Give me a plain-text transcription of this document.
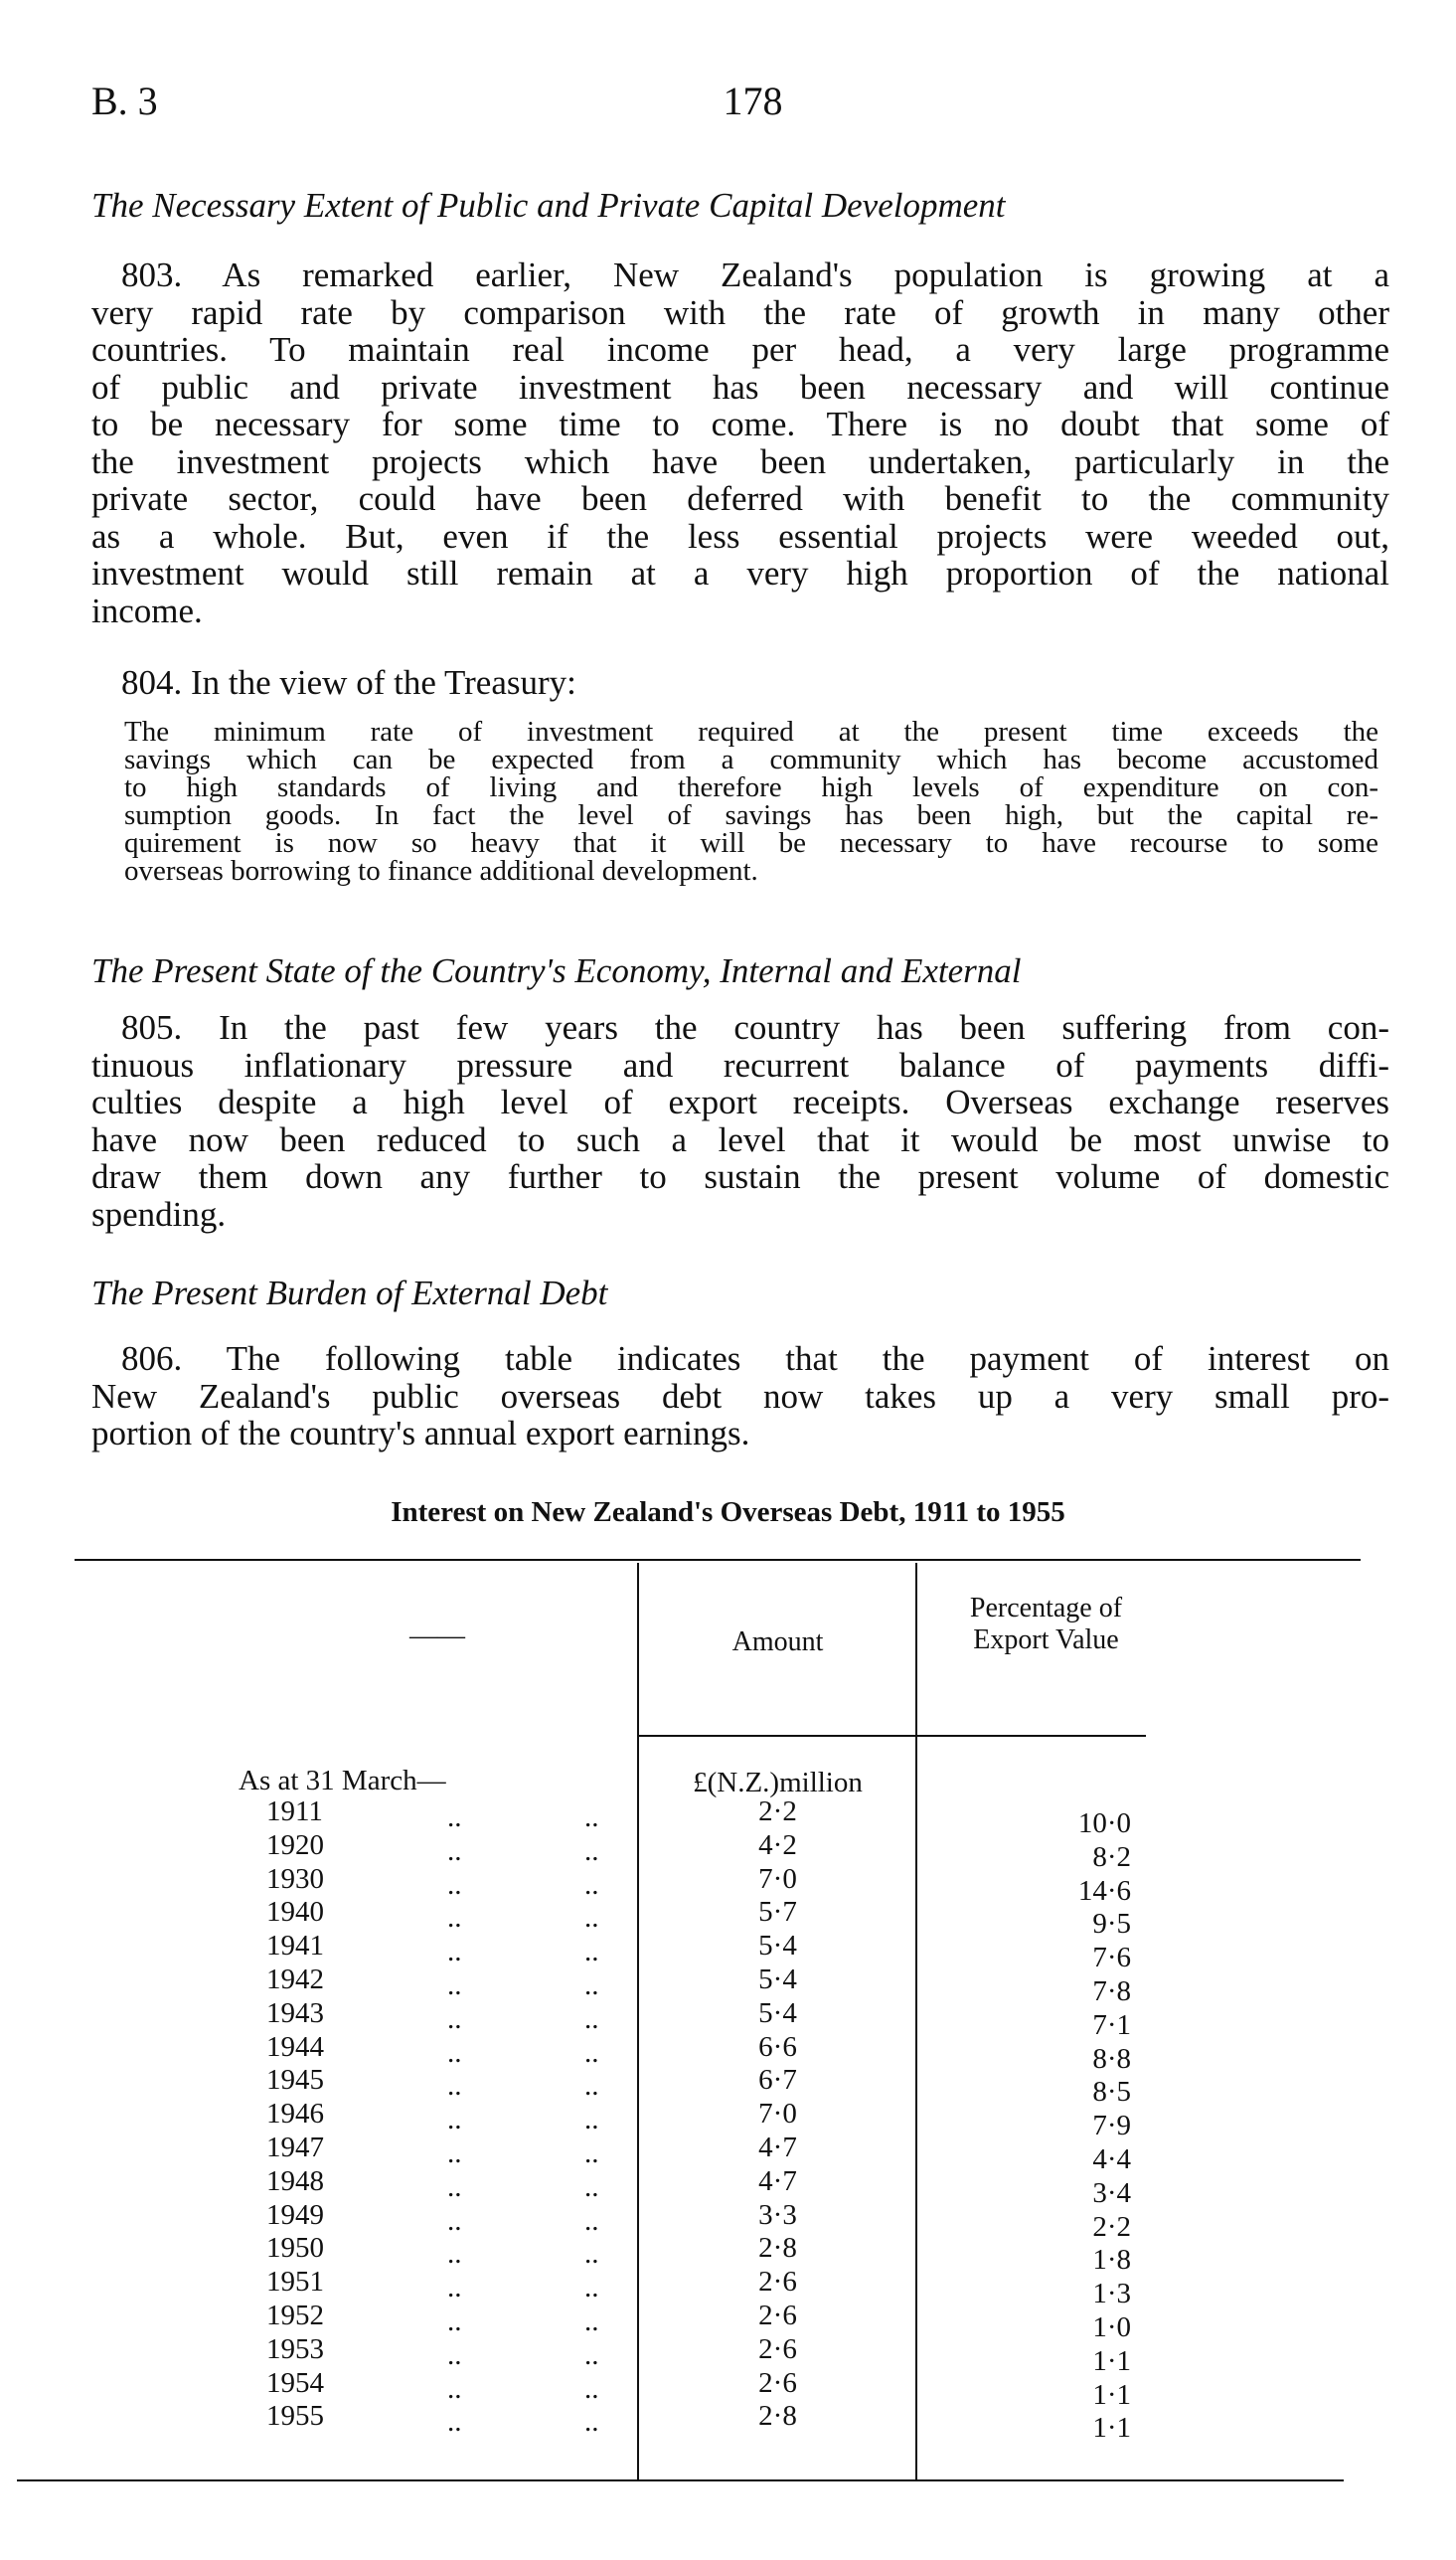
B. 3	178
The Necessary Extent of Public and Private Capital Development
803. As remarked earlier, New Zealand's population is growing at a
very rapid rate by comparison with the rate of growth in many other
countries. To maintain real income per head, a very large programme
of public and private investment has been necessary and will continue
to be necessary for some time to come. There is no doubt that some of
the investment projects which have been undertaken, particularly in the
private sector, could have been deferred with benefit to the community
as a whole. But, even if the less essential projects were weeded out,
investment would still remain at a very high proportion of the national
income.
804. In the view of the Treasury:
The minimum rate of investment required at the present time exceeds the
savings which can be expected from a community which has become accustomed
to high standards of living and therefore high levels of expenditure on con-
sumption goods. In fact the level of savings has been high, but the capital re-
quirement is now so heavy that it will be necessary to have recourse to some
overseas borrowing to finance additional development.
The Present State of the Country's Economy, Internal and External
805. In the past few years the country has been suffering from con-
tinuous inflationary pressure and recurrent balance of payments diffi-
culties despite a high level of export receipts. Overseas exchange reserves
have now been reduced to such a level that it would be most unwise to
draw them down any further to sustain the present volume of domestic
spending.
The Present Burden of External Debt
806. The following table indicates that the payment of interest on
New Zealand's public overseas debt now takes up a very small pro-
portion of the country's annual export earnings.
Interest on New Zealand's Overseas Debt, 1911 to 1955
——	Amount
Percentage of Export Value
As at 31 March—	£(N.Z.)million
1911	..	..	2·2	10·0
1920	..	..	4·2	8·2
1930	..	..	7·0	14·6
1940	..	..	5·7	9·5
1941	..	..	5·4	7·6
1942	..	..	5·4	7·8
1943	..	..	5·4	7·1
1944	..	..	6·6	8·8
1945	..	..	6·7	8·5
1946	..	..	7·0	7·9
1947	..	..	4·7	4·4
1948	..	..	4·7	3·4
1949	..	..	3·3	2·2
1950	..	..	2·8	1·8
1951	..	..	2·6	1·3
1952	..	..	2·6	1·0
1953	..	..	2·6	1·1
1954	..	..	2·6	1·1
1955	..	..	2·8	1·1
